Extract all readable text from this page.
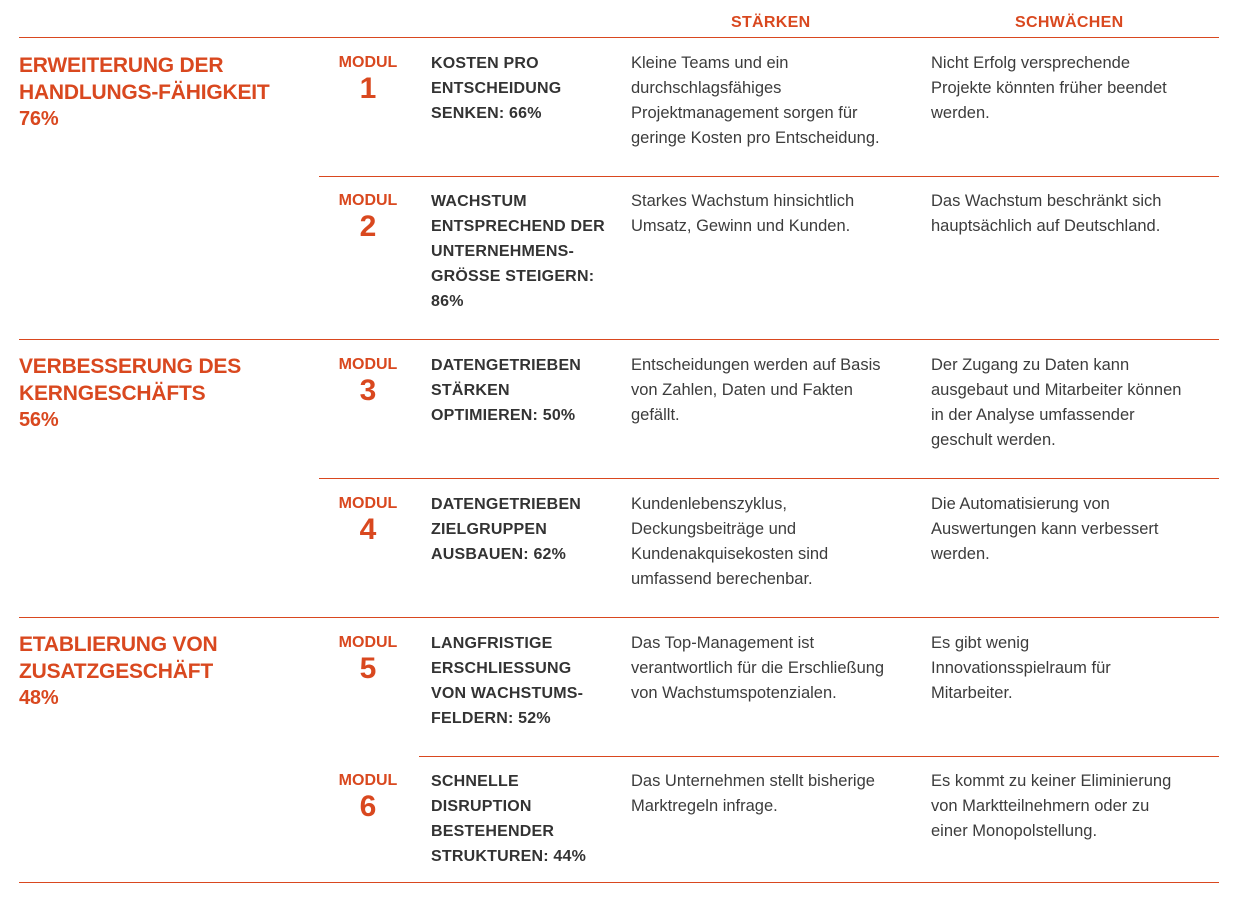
STÄRKEN	SCHWÄCHEN
ERWEITERUNG DER
HANDLUNGS-FÄHIGKEIT
76%
VERBESSERUNG DES
KERNGESCHÄFTS
56%
ETABLIERUNG VON
ZUSATZGESCHÄFT
48%
MODUL
1
KOSTEN PRO
ENTSCHEIDUNG
SENKEN: 66%
Kleine Teams und ein
durchschlagsfähiges
Projektmanagement sorgen für
geringe Kosten pro Entscheidung.
Nicht Erfolg versprechende
Projekte könnten früher beendet
werden.
MODUL
2
WACHSTUM
ENTSPRECHEND DER
UNTERNEHMENS-
GRÖSSE STEIGERN:
86%
Starkes Wachstum hinsichtlich
Umsatz, Gewinn und Kunden.
Das Wachstum beschränkt sich
hauptsächlich auf Deutschland.
MODUL
3
DATENGETRIEBEN
STÄRKEN
OPTIMIEREN: 50%
Entscheidungen werden auf Basis
von Zahlen, Daten und Fakten
gefällt.
Der Zugang zu Daten kann
ausgebaut und Mitarbeiter können
in der Analyse umfassender
geschult werden.
MODUL
4
DATENGETRIEBEN
ZIELGRUPPEN
AUSBAUEN: 62%
Kundenlebenszyklus,
Deckungsbeiträge und
Kundenakquisekosten sind
umfassend berechenbar.
Die Automatisierung von
Auswertungen kann verbessert
werden.
MODUL
5
LANGFRISTIGE
ERSCHLIESSUNG
VON WACHSTUMS-
FELDERN: 52%
Das Top-Management ist
verantwortlich für die Erschließung
von Wachstumspotenzialen.
Es gibt wenig
Innovationsspielraum für
Mitarbeiter.
MODUL
6
SCHNELLE
DISRUPTION
BESTEHENDER
STRUKTUREN: 44%
Das Unternehmen stellt bisherige
Marktregeln infrage.
Es kommt zu keiner Eliminierung
von Marktteilnehmern oder zu
einer Monopolstellung.
